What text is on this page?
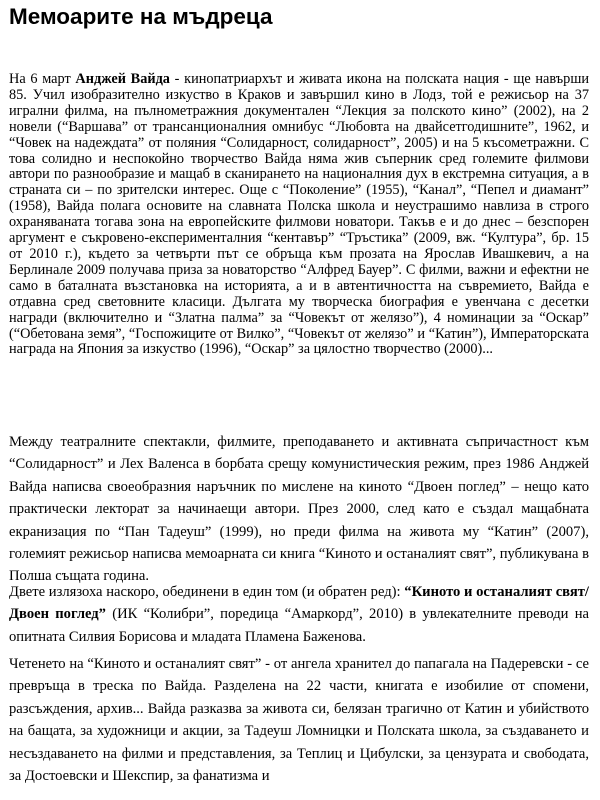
Мемоарите на мъдреца

На 6 март Анджей Вайда - кинопатриархът и живата икона на полската нация - ще навърши 85. Учил изобразително изкуство в Краков и завършил кино в Лодз, той е режисьор на 37 игрални филма, на пълнометражния документален “Лекция за полското кино” (2002), на 2 новели (“Варшава” от трансанционалния омнибус “Любовта на двайсетгодишните”, 1962, и “Човек на надеждата” от поляния “Солидарност, солидарност”, 2005) и на 5 късометражни. С това солидно и неспокойно творчество Вайда няма жив съперник сред големите филмови автори по разнообразие и мащаб в сканирането на националния дух в екстремна ситуация, а в страната си – по зрителски интерес. Още с “Поколение” (1955), “Канал”, “Пепел и диамант” (1958), Вайда полага основите на славната Полска школа и неустрашимо навлиза в строго охраняваната тогава зона на европейските филмови новатори. Такъв е и до днес – безспорен аргумент е съкровено-експерименталния “кентавър” “Тръстика” (2009, вж. “Култура”, бр. 15 от 2010 г.), където за четвърти път се обръща към прозата на Ярослав Ивашкевич, а на Берлинале 2009 получава приза за новаторство “Алфред Бауер”. С филми, важни и ефектни не само в баталната възстановка на историята, а и в автентичността на съвремието, Вайда е отдавна сред световните класици. Дългата му творческа биография е увенчана с десетки награди (включително и “Златна палма” за “Човекът от желязо”), 4 номинации за “Оскар” (“Обетована земя”, “Госпожиците от Вилко”, “Човекът от желязо” и “Катин”), Императорската награда на Япония за изкуство (1996), “Оскар” за цялостно творчество (2000)...

Между театралните спектакли, филмите, преподаването и активната съпричастност към “Солидарност” и Лех Валенса в борбата срещу комунистическия режим, през 1986 Анджей Вайда написва своеобразния наръчник по мислене на киното “Двоен поглед” – нещо като практически лекторат за начинаещи автори. През 2000, след като е създал мащабната екранизация по “Пан Тадеуш” (1999), но преди филма на живота му “Катин” (2007), големият режисьор написва мемоарната си книга “Киното и останалият свят”, публикувана в Полша същата година.

Двете излязоха наскоро, обединени в един том (и обратен ред): “Киното и останалият свят/Двоен поглед” (ИК “Колибри”, поредица “Амаркорд”, 2010) в увлекателните преводи на опитната Силвия Борисова и младата Пламена Баженова.

Четенето на “Киното и останалият свят” - от ангела хранител до папагала на Падеревски - се превръща в треска по Вайда. Разделена на 22 части, книгата е изобилие от спомени, разсъждения, архив... Вайда разказва за живота си, белязан трагично от Катин и убийството на бащата, за художници и акции, за Тадеуш Ломницки и Полската школа, за създаването и несъздаването на филми и представления, за Теплиц и Цибулски, за цензурата и свободата, за Достоевски и Шекспир, за фанатизма и
